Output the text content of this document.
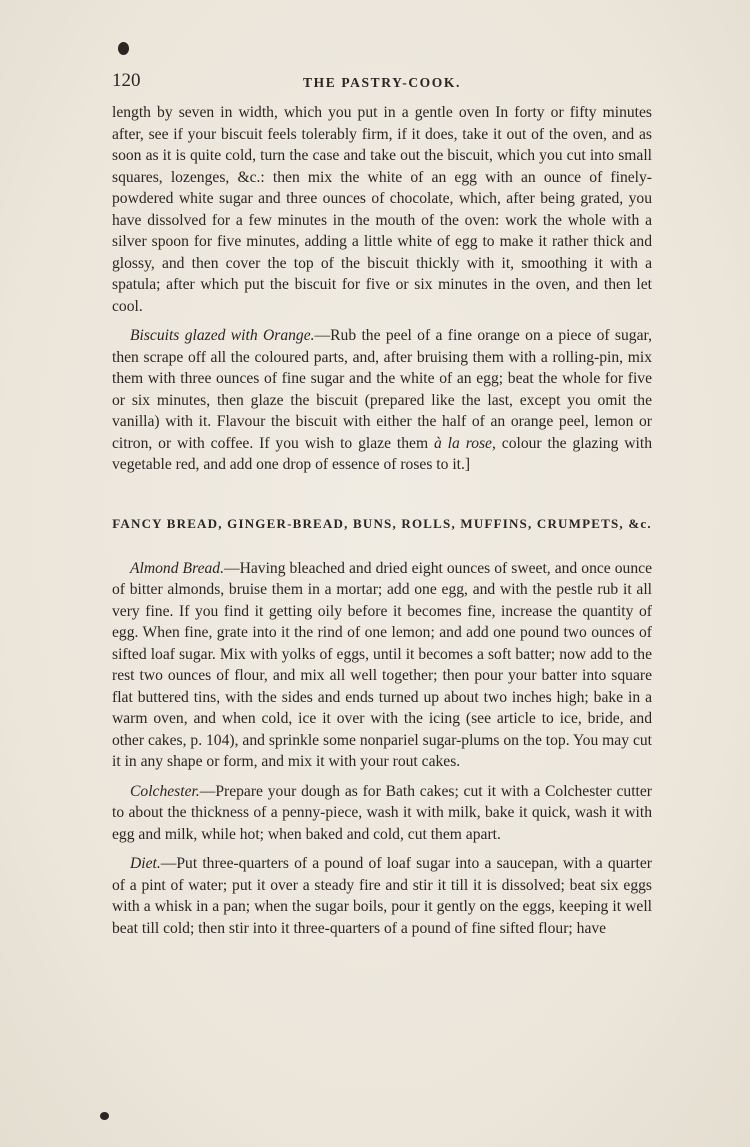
120	THE PASTRY-COOK.

length by seven in width, which you put in a gentle oven In forty or fifty minutes after, see if your biscuit feels tolerably firm, if it does, take it out of the oven, and as soon as it is quite cold, turn the case and take out the biscuit, which you cut into small squares, lozenges, &c.: then mix the white of an egg with an ounce of finely-powdered white sugar and three ounces of chocolate, which, after being grated, you have dissolved for a few minutes in the mouth of the oven: work the whole with a silver spoon for five minutes, adding a little white of egg to make it rather thick and glossy, and then cover the top of the biscuit thickly with it, smoothing it with a spatula; after which put the biscuit for five or six minutes in the oven, and then let cool.

Biscuits glazed with Orange.—Rub the peel of a fine orange on a piece of sugar, then scrape off all the coloured parts, and, after bruising them with a rolling-pin, mix them with three ounces of fine sugar and the white of an egg; beat the whole for five or six minutes, then glaze the biscuit (prepared like the last, except you omit the vanilla) with it. Flavour the biscuit with either the half of an orange peel, lemon or citron, or with coffee. If you wish to glaze them à la rose, colour the glazing with vegetable red, and add one drop of essence of roses to it.]

FANCY BREAD, GINGER-BREAD, BUNS, ROLLS, MUFFINS, CRUMPETS, &c.

Almond Bread.—Having bleached and dried eight ounces of sweet, and once ounce of bitter almonds, bruise them in a mortar; add one egg, and with the pestle rub it all very fine. If you find it getting oily before it becomes fine, increase the quantity of egg. When fine, grate into it the rind of one lemon; and add one pound two ounces of sifted loaf sugar. Mix with yolks of eggs, until it becomes a soft batter; now add to the rest two ounces of flour, and mix all well together; then pour your batter into square flat buttered tins, with the sides and ends turned up about two inches high; bake in a warm oven, and when cold, ice it over with the icing (see article to ice, bride, and other cakes, p. 104), and sprinkle some nonpariel sugar-plums on the top. You may cut it in any shape or form, and mix it with your rout cakes.

Colchester.—Prepare your dough as for Bath cakes; cut it with a Colchester cutter to about the thickness of a penny-piece, wash it with milk, bake it quick, wash it with egg and milk, while hot; when baked and cold, cut them apart.

Diet.—Put three-quarters of a pound of loaf sugar into a saucepan, with a quarter of a pint of water; put it over a steady fire and stir it till it is dissolved; beat six eggs with a whisk in a pan; when the sugar boils, pour it gently on the eggs, keeping it well beat till cold; then stir into it three-quarters of a pound of fine sifted flour; have
